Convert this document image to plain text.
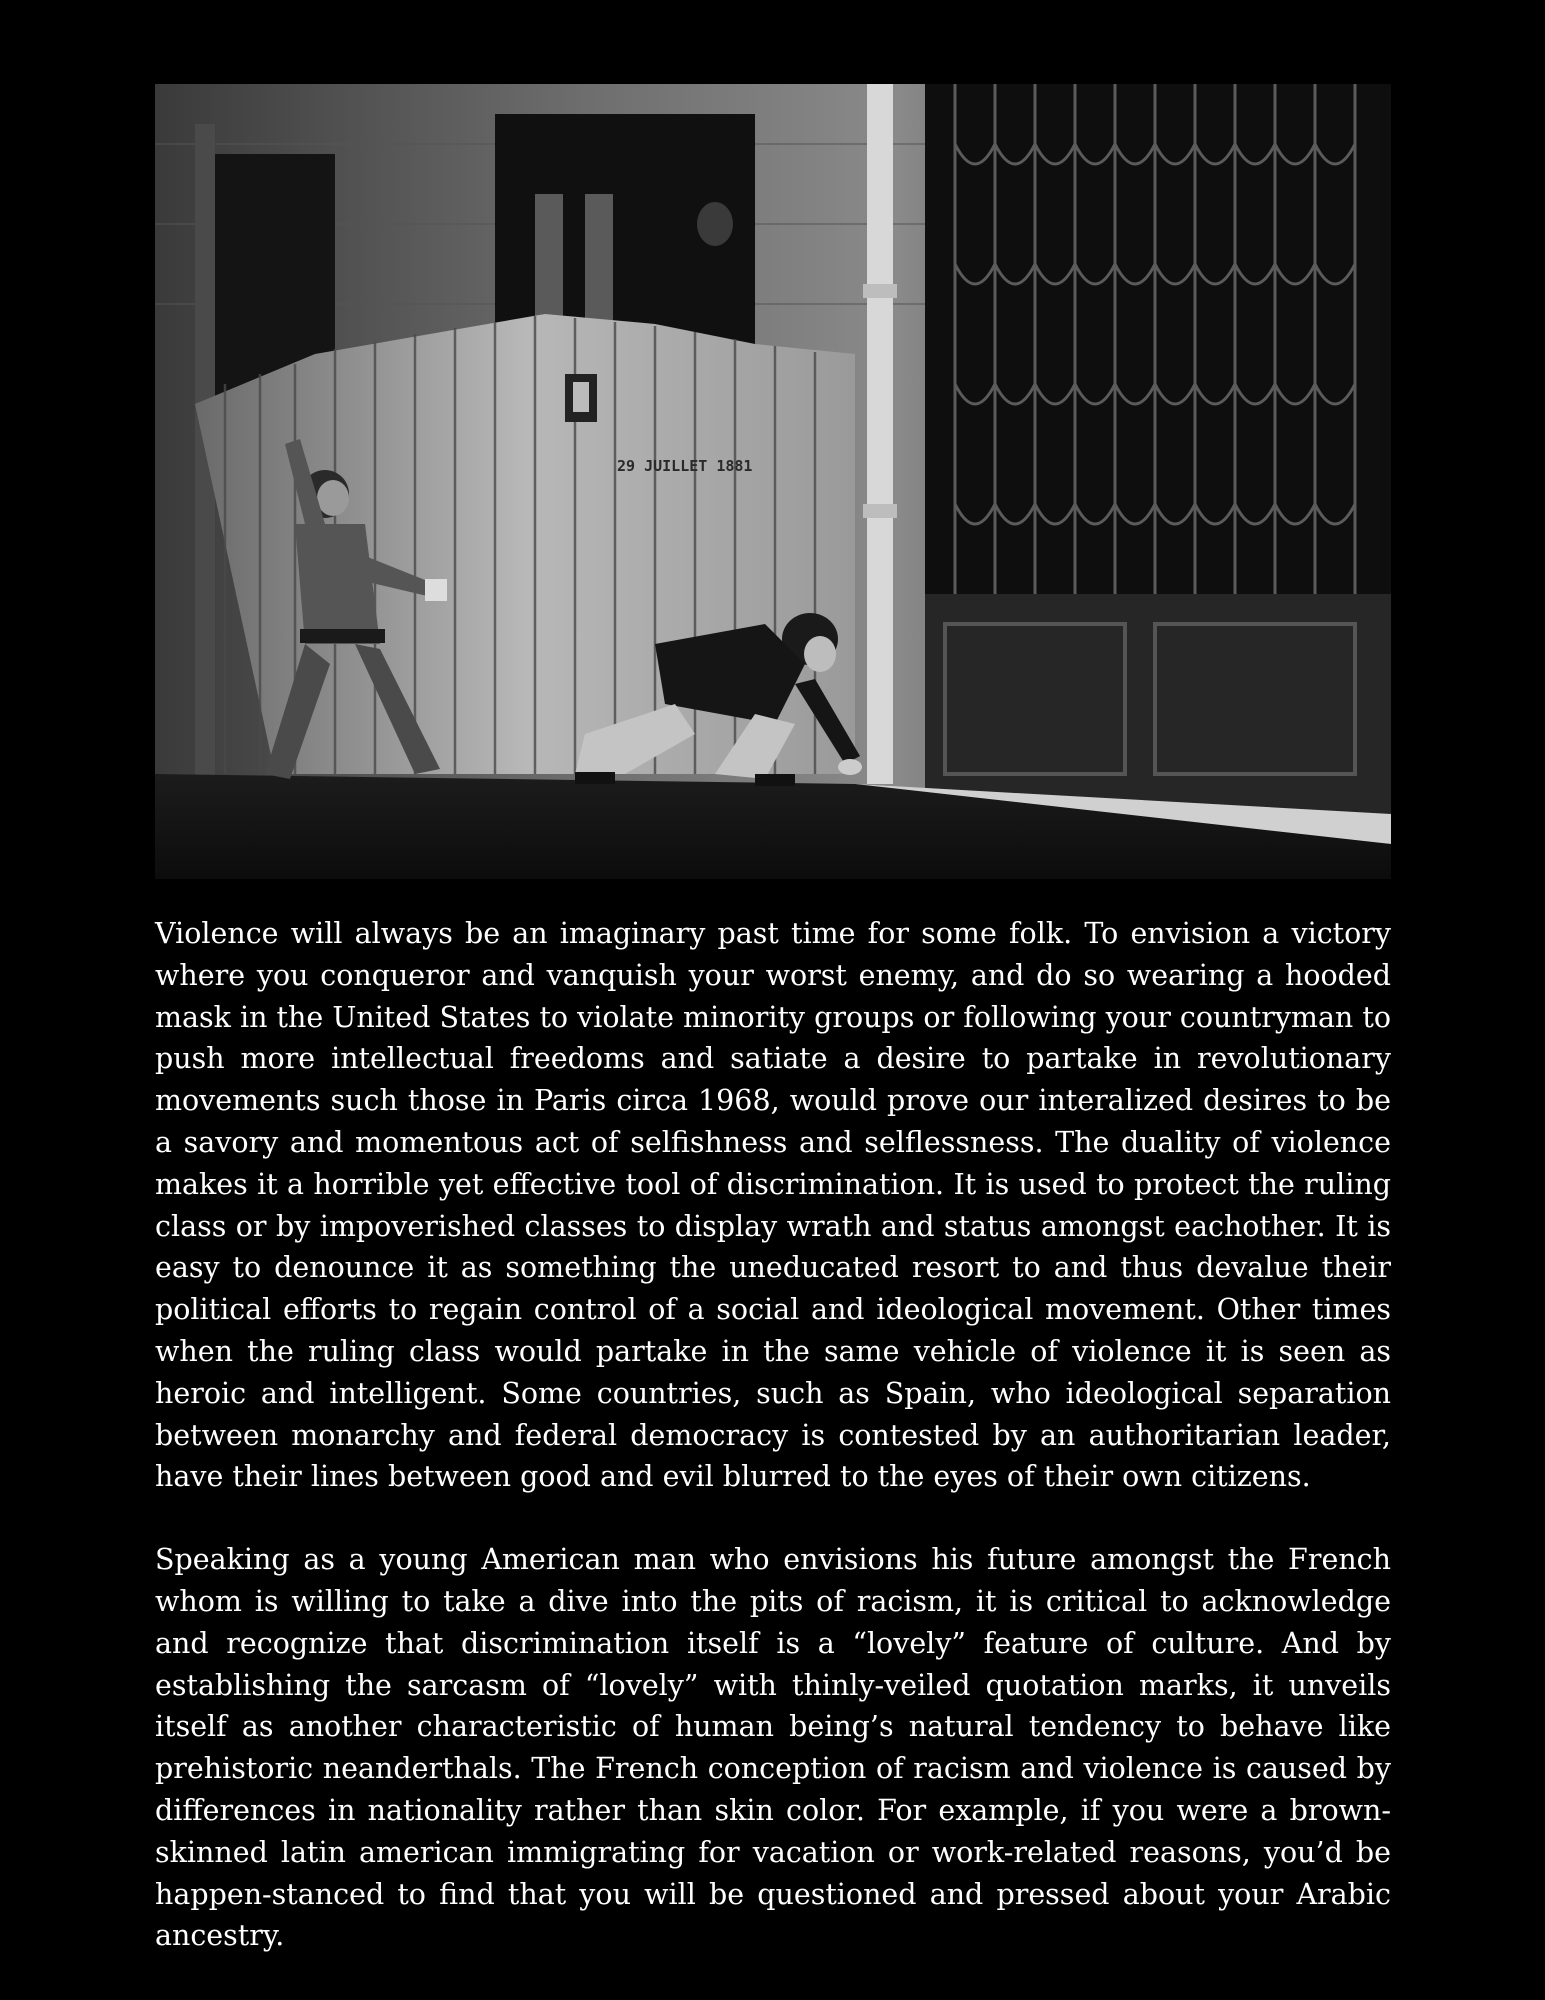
29 JUILLET 1881

Violence will always be an imaginary past time for some folk. To envision a victory where you conqueror and vanquish your worst enemy, and do so wearing a hooded mask in the United States to violate minority groups or following your countryman to push more intellectual freedoms and satiate a desire to partake in revolutionary movements such those in Paris circa 1968, would prove our interalized desires to be a savory and momentous act of selfishness and selflessness. The duality of violence makes it a horrible yet effective tool of discrimination. It is used to protect the ruling class or by impoverished classes to display wrath and status amongst eachother. It is easy to denounce it as something the uneducated resort to and thus devalue their political efforts to regain control of a social and ideological movement. Other times when the ruling class would partake in the same vehicle of violence it is seen as heroic and intelligent. Some countries, such as Spain, who ideological separation between monarchy and federal democracy is contested by an authoritarian leader, have their lines between good and evil blurred to the eyes of their own citizens.

Speaking as a young American man who envisions his future amongst the French whom is willing to take a dive into the pits of racism, it is critical to acknowledge and recognize that discrimination itself is a “lovely” feature of culture. And by establishing the sarcasm of “lovely” with thinly-veiled quotation marks, it unveils itself as another characteristic of human being’s natural tendency to behave like prehistoric neanderthals. The French conception of racism and violence is caused by differences in nationality rather than skin color. For example, if you were a brown-skinned latin american immigrating for vacation or work-related reasons, you’d be happen-stanced to find that you will be questioned and pressed about your Arabic ancestry.
